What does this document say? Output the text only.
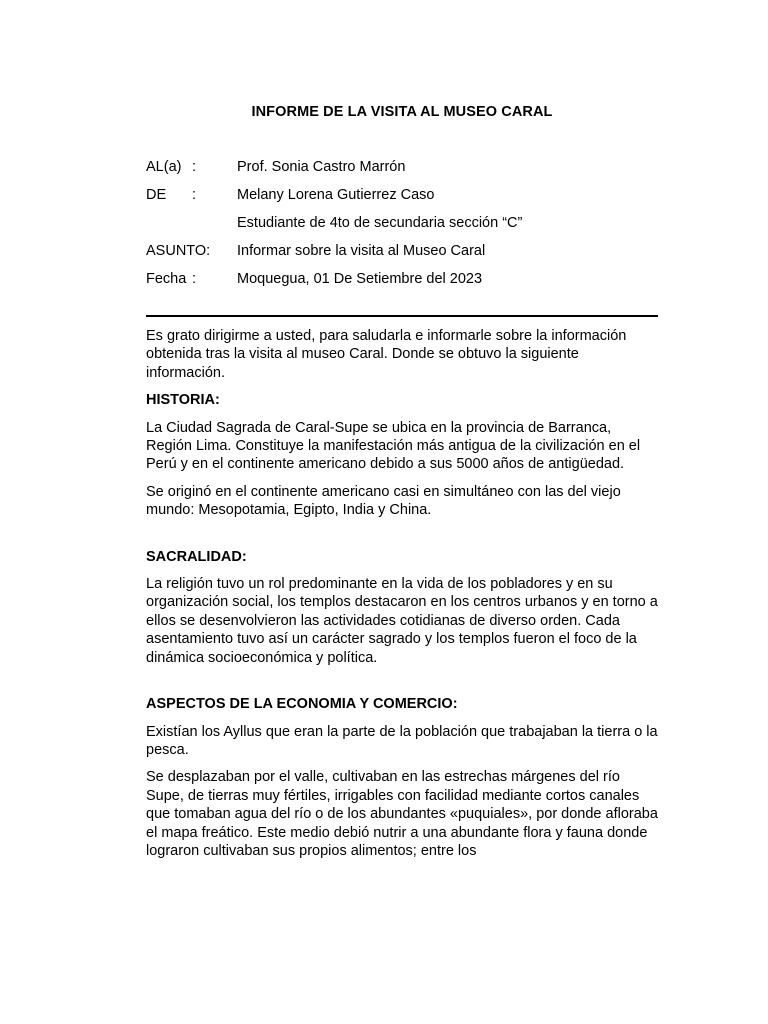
INFORME DE LA VISITA AL MUSEO CARAL
AL(a) :	Prof. Sonia Castro Marrón
DE :	Melany Lorena Gutierrez Caso
Estudiante de 4to de secundaria sección “C”
ASUNTO: Informar sobre la visita al Museo Caral
Fecha :	Moquegua, 01 De Setiembre del 2023

Es grato dirigirme a usted, para saludarla e informarle sobre la información obtenida tras la visita al museo Caral. Donde se obtuvo la siguiente información.

HISTORIA:

La Ciudad Sagrada de Caral-Supe se ubica en la provincia de Barranca, Región Lima. Constituye la manifestación más antigua de la civilización en el Perú y en el continente americano debido a sus 5000 años de antigüedad.

Se originó en el continente americano casi en simultáneo con las del viejo mundo: Mesopotamia, Egipto, India y China.

SACRALIDAD:

La religión tuvo un rol predominante en la vida de los pobladores y en su organización social, los templos destacaron en los centros urbanos y en torno a ellos se desenvolvieron las actividades cotidianas de diverso orden. Cada asentamiento tuvo así un carácter sagrado y los templos fueron el foco de la dinámica socioeconómica y política.

ASPECTOS DE LA ECONOMIA Y COMERCIO:

Existían los Ayllus que eran la parte de la población que trabajaban la tierra o la pesca.

Se desplazaban por el valle, cultivaban en las estrechas márgenes del río Supe, de tierras muy fértiles, irrigables con facilidad mediante cortos canales que tomaban agua del río o de los abundantes «puquiales», por donde afloraba el mapa freático. Este medio debió nutrir a una abundante flora y fauna donde lograron cultivaban sus propios alimentos; entre los
